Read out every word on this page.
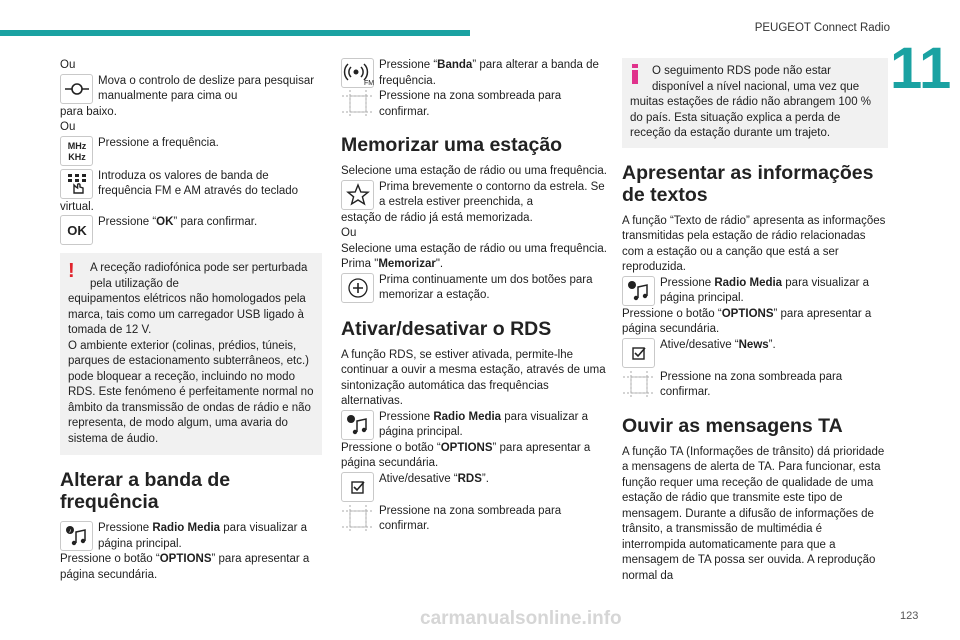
PEUGEOT Connect Radio
11

Ou

Mova o controlo de deslize para pesquisar manualmente para cima ou

para baixo.

Ou

MHz
KHz
Pressione a frequência.
Introduza os valores de banda de frequência FM e AM através do teclado

virtual.

OK
Pressione “OK” para confirmar.
!	A receção radiofónica pode ser perturbada pela utilização de
equipamentos elétricos não homologados pela marca, tais como um carregador USB ligado à tomada de 12 V.
O ambiente exterior (colinas, prédios, túneis, parques de estacionamento subterrâneos, etc.) pode bloquear a receção, incluindo no modo RDS. Este fenómeno é perfeitamente normal no âmbito da transmissão de ondas de rádio e não representa, de modo algum, uma avaria do sistema de áudio.
Alterar a banda de frequência
♪ Pressione Radio Media para visualizar a página principal.

Pressione o botão “OPTIONS” para apresentar a página secundária.

FM
Pressione “Banda” para alterar a banda de frequência.
Pressione na zona sombreada para confirmar.
Memorizar uma estação

Selecione uma estação de rádio ou uma frequência.

Prima brevemente o contorno da estrela. Se a estrela estiver preenchida, a

estação de rádio já está memorizada.

Ou

Selecione uma estação de rádio ou uma frequência.

Prima "Memorizar".

Prima continuamente um dos botões para memorizar a estação.
Ativar/desativar o RDS

A função RDS, se estiver ativada, permite-lhe continuar a ouvir a mesma estação, através de uma sintonização automática das frequências alternativas.

Pressione Radio Media para visualizar a página principal.

Pressione o botão “OPTIONS” para apresentar a página secundária.

Ative/desative “RDS”.
Pressione na zona sombreada para confirmar.
O seguimento RDS pode não estar disponível a nível nacional, uma vez que
muitas estações de rádio não abrangem 100 % do país. Esta situação explica a perda de receção da estação durante um trajeto.
Apresentar as informações de textos

A função “Texto de rádio” apresenta as informações transmitidas pela estação de rádio relacionadas com a estação ou a canção que está a ser reproduzida.

Pressione Radio Media para visualizar a página principal.

Pressione o botão “OPTIONS” para apresentar a página secundária.

Ative/desative “News”.
Pressione na zona sombreada para confirmar.
Ouvir as mensagens TA

A função TA (Informações de trânsito) dá prioridade a mensagens de alerta de TA. Para funcionar, esta função requer uma receção de qualidade de uma estação de rádio que transmite este tipo de mensagem. Durante a difusão de informações de trânsito, a transmissão de multimédia é interrompida automaticamente para que a mensagem de TA possa ser ouvida. A reprodução normal da

carmanualsonline.info	123
